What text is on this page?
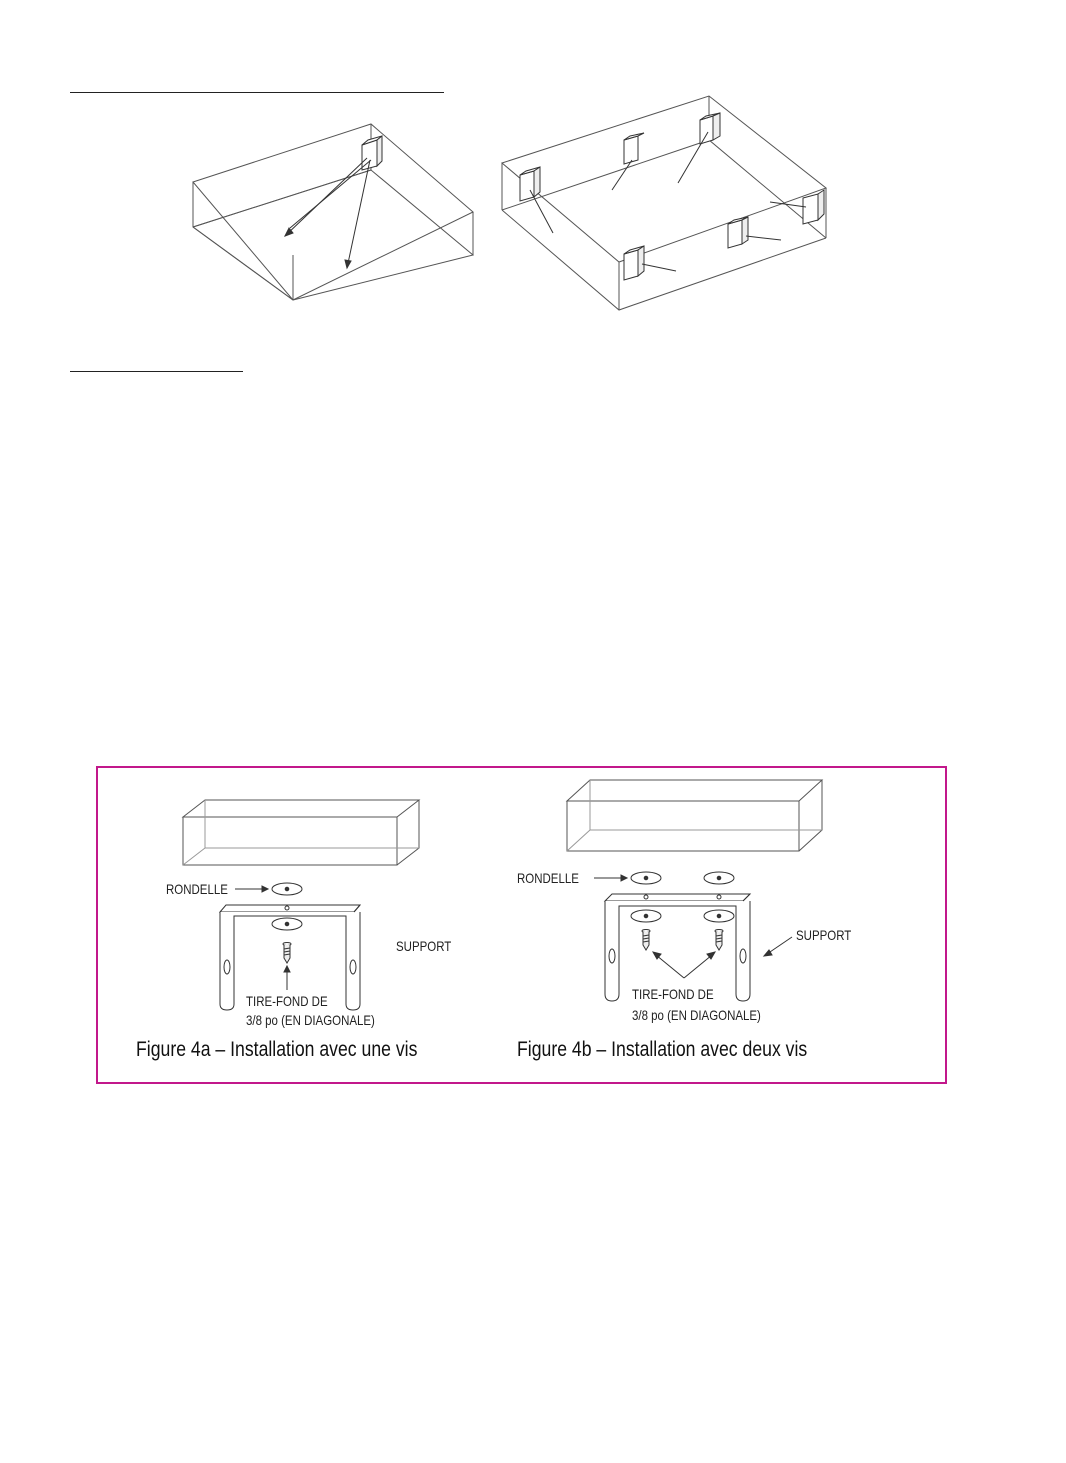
RONDELLE
SUPPORT
TIRE-FOND DE
3/8 po (EN DIAGONALE)
Figure 4a – Installation avec une vis
RONDELLE
SUPPORT
TIRE-FOND DE
3/8 po (EN DIAGONALE)
Figure 4b – Installation avec deux vis
